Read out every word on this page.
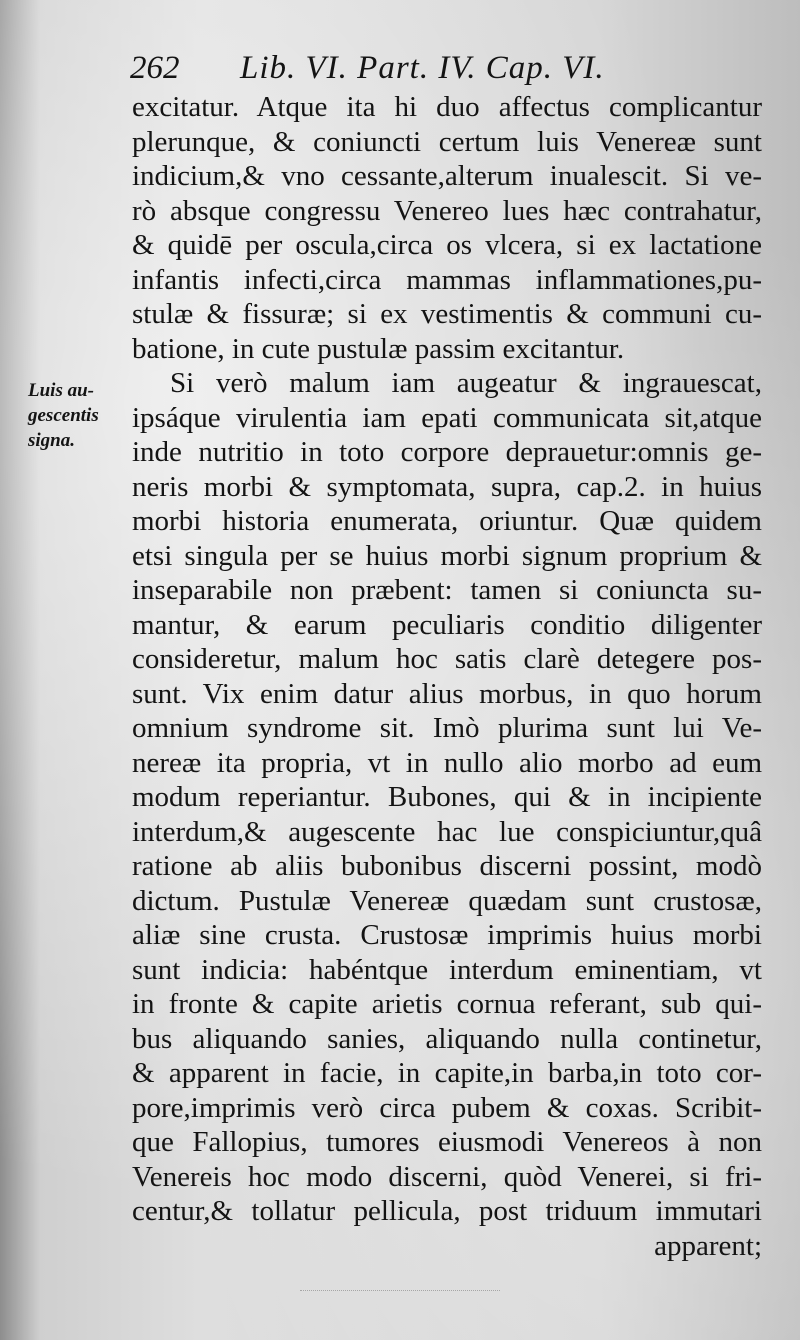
262 Lib. VI. Part. IV. Cap. VI.
Luis au-
gescentis
signa.
excitatur. Atque ita hi duo affectus complicantur
plerunque, & coniuncti certum luis Venereæ sunt
indicium,& vno cessante,alterum inualescit. Si ve-
rò absque congressu Venereo lues hæc contrahatur,
& quidē per oscula,circa os vlcera, si ex lactatione
infantis infecti,circa mammas inflammationes,pu-
stulæ & fissuræ; si ex vestimentis & communi cu-
batione, in cute pustulæ passim excitantur.
Si verò malum iam augeatur & ingrauescat,
ipsáque virulentia iam epati communicata sit,atque
inde nutritio in toto corpore deprauetur:omnis ge-
neris morbi & symptomata, supra, cap.2. in huius
morbi historia enumerata, oriuntur. Quæ quidem
etsi singula per se huius morbi signum proprium &
inseparabile non præbent: tamen si coniuncta su-
mantur, & earum peculiaris conditio diligenter
consideretur, malum hoc satis clarè detegere pos-
sunt. Vix enim datur alius morbus, in quo horum
omnium syndrome sit. Imò plurima sunt lui Ve-
nereæ ita propria, vt in nullo alio morbo ad eum
modum reperiantur. Bubones, qui & in incipiente
interdum,& augescente hac lue conspiciuntur,quâ
ratione ab aliis bubonibus discerni possint, modò
dictum. Pustulæ Venereæ quædam sunt crustosæ,
aliæ sine crusta. Crustosæ imprimis huius morbi
sunt indicia: habéntque interdum eminentiam, vt
in fronte & capite arietis cornua referant, sub qui-
bus aliquando sanies, aliquando nulla continetur,
& apparent in facie, in capite,in barba,in toto cor-
pore,imprimis verò circa pubem & coxas. Scribit-
que Fallopius, tumores eiusmodi Venereos à non
Venereis hoc modo discerni, quòd Venerei, si fri-
centur,& tollatur pellicula, post triduum immutari
apparent;
